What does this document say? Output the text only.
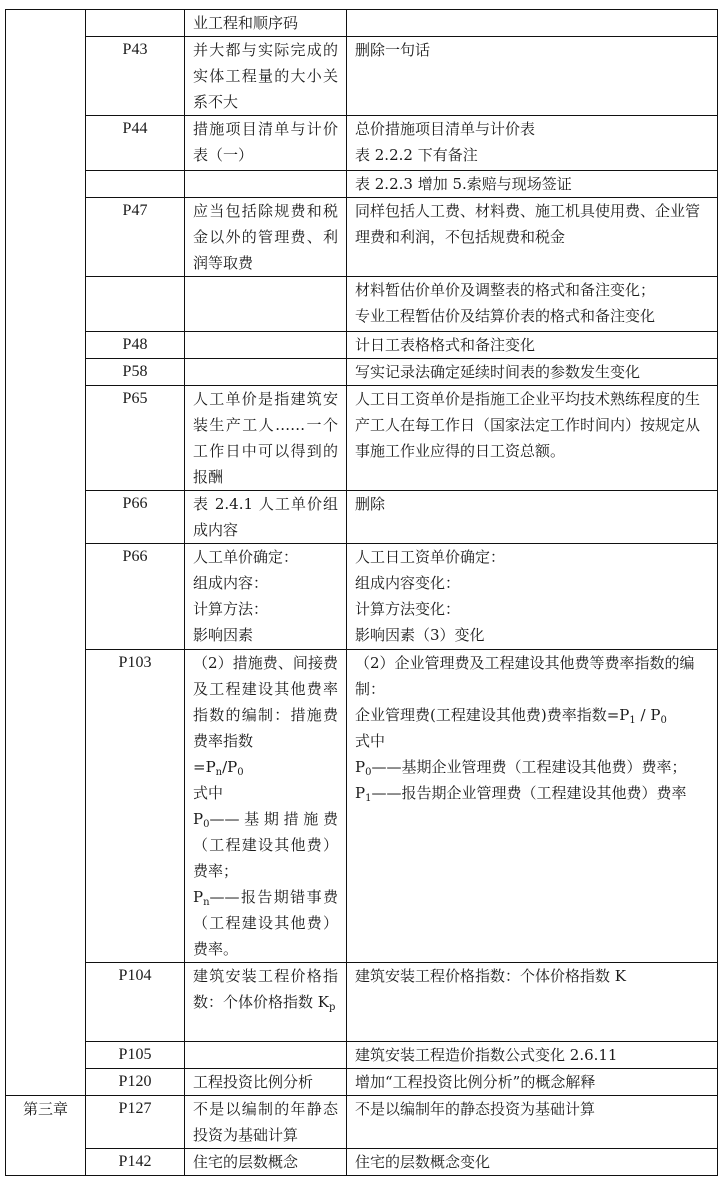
		业工程和顺序码	

	P43	并大都与实际完成的实体工程量的大小关系不大	删除一句话

	P44	措施项目清单与计价表（一）	总价措施项目清单与计价表
表 2.2.2 下有备注

			表 2.2.3 增加 5.索赔与现场签证

	P47	应当包括除规费和税金以外的管理费、利润等取费	同样包括人工费、材料费、施工机具使用费、企业管理费和利润，不包括规费和税金

			材料暂估价单价及调整表的格式和备注变化；
专业工程暂估价及结算价表的格式和备注变化

	P48		计日工表格格式和备注变化

	P58		写实记录法确定延续时间表的参数发生变化

	P65	人工单价是指建筑安装生产工人……一个工作日中可以得到的报酬	人工日工资单价是指施工企业平均技术熟练程度的生产工人在每工作日（国家法定工作时间内）按规定从事施工作业应得的日工资总额。

	P66	表 2.4.1 人工单价组成内容	删除

	P66	人工单价确定：
组成内容：
计算方法：
影响因素	人工日工资单价确定：
组成内容变化：
计算方法变化：
影响因素（3）变化

	P103	（2）措施费、间接费及工程建设其他费率指数的编制：措施费费率指数
$=P_n/P_0$
式中
$P_0——$基期措施费（工程建设其他费）费率；
$P_n——$报告期错事费（工程建设其他费）费率。	（2）企业管理费及工程建设其他费等费率指数的编制：
企业管理费(工程建设其他费)费率指数$=P_1 / P_0$
式中
$P_0——$基期企业管理费（工程建设其他费）费率；
$P_1——$报告期企业管理费（工程建设其他费）费率

	P104	建筑安装工程价格指数：个体价格指数 $K_p$	建筑安装工程价格指数：个体价格指数 K

	P105		建筑安装工程造价指数公式变化 2.6.11

	P120	工程投资比例分析	增加“工程投资比例分析”的概念解释

第三章	P127	不是以编制的年静态投资为基础计算	不是以编制年的静态投资为基础计算

	P142	住宅的层数概念	住宅的层数概念变化
